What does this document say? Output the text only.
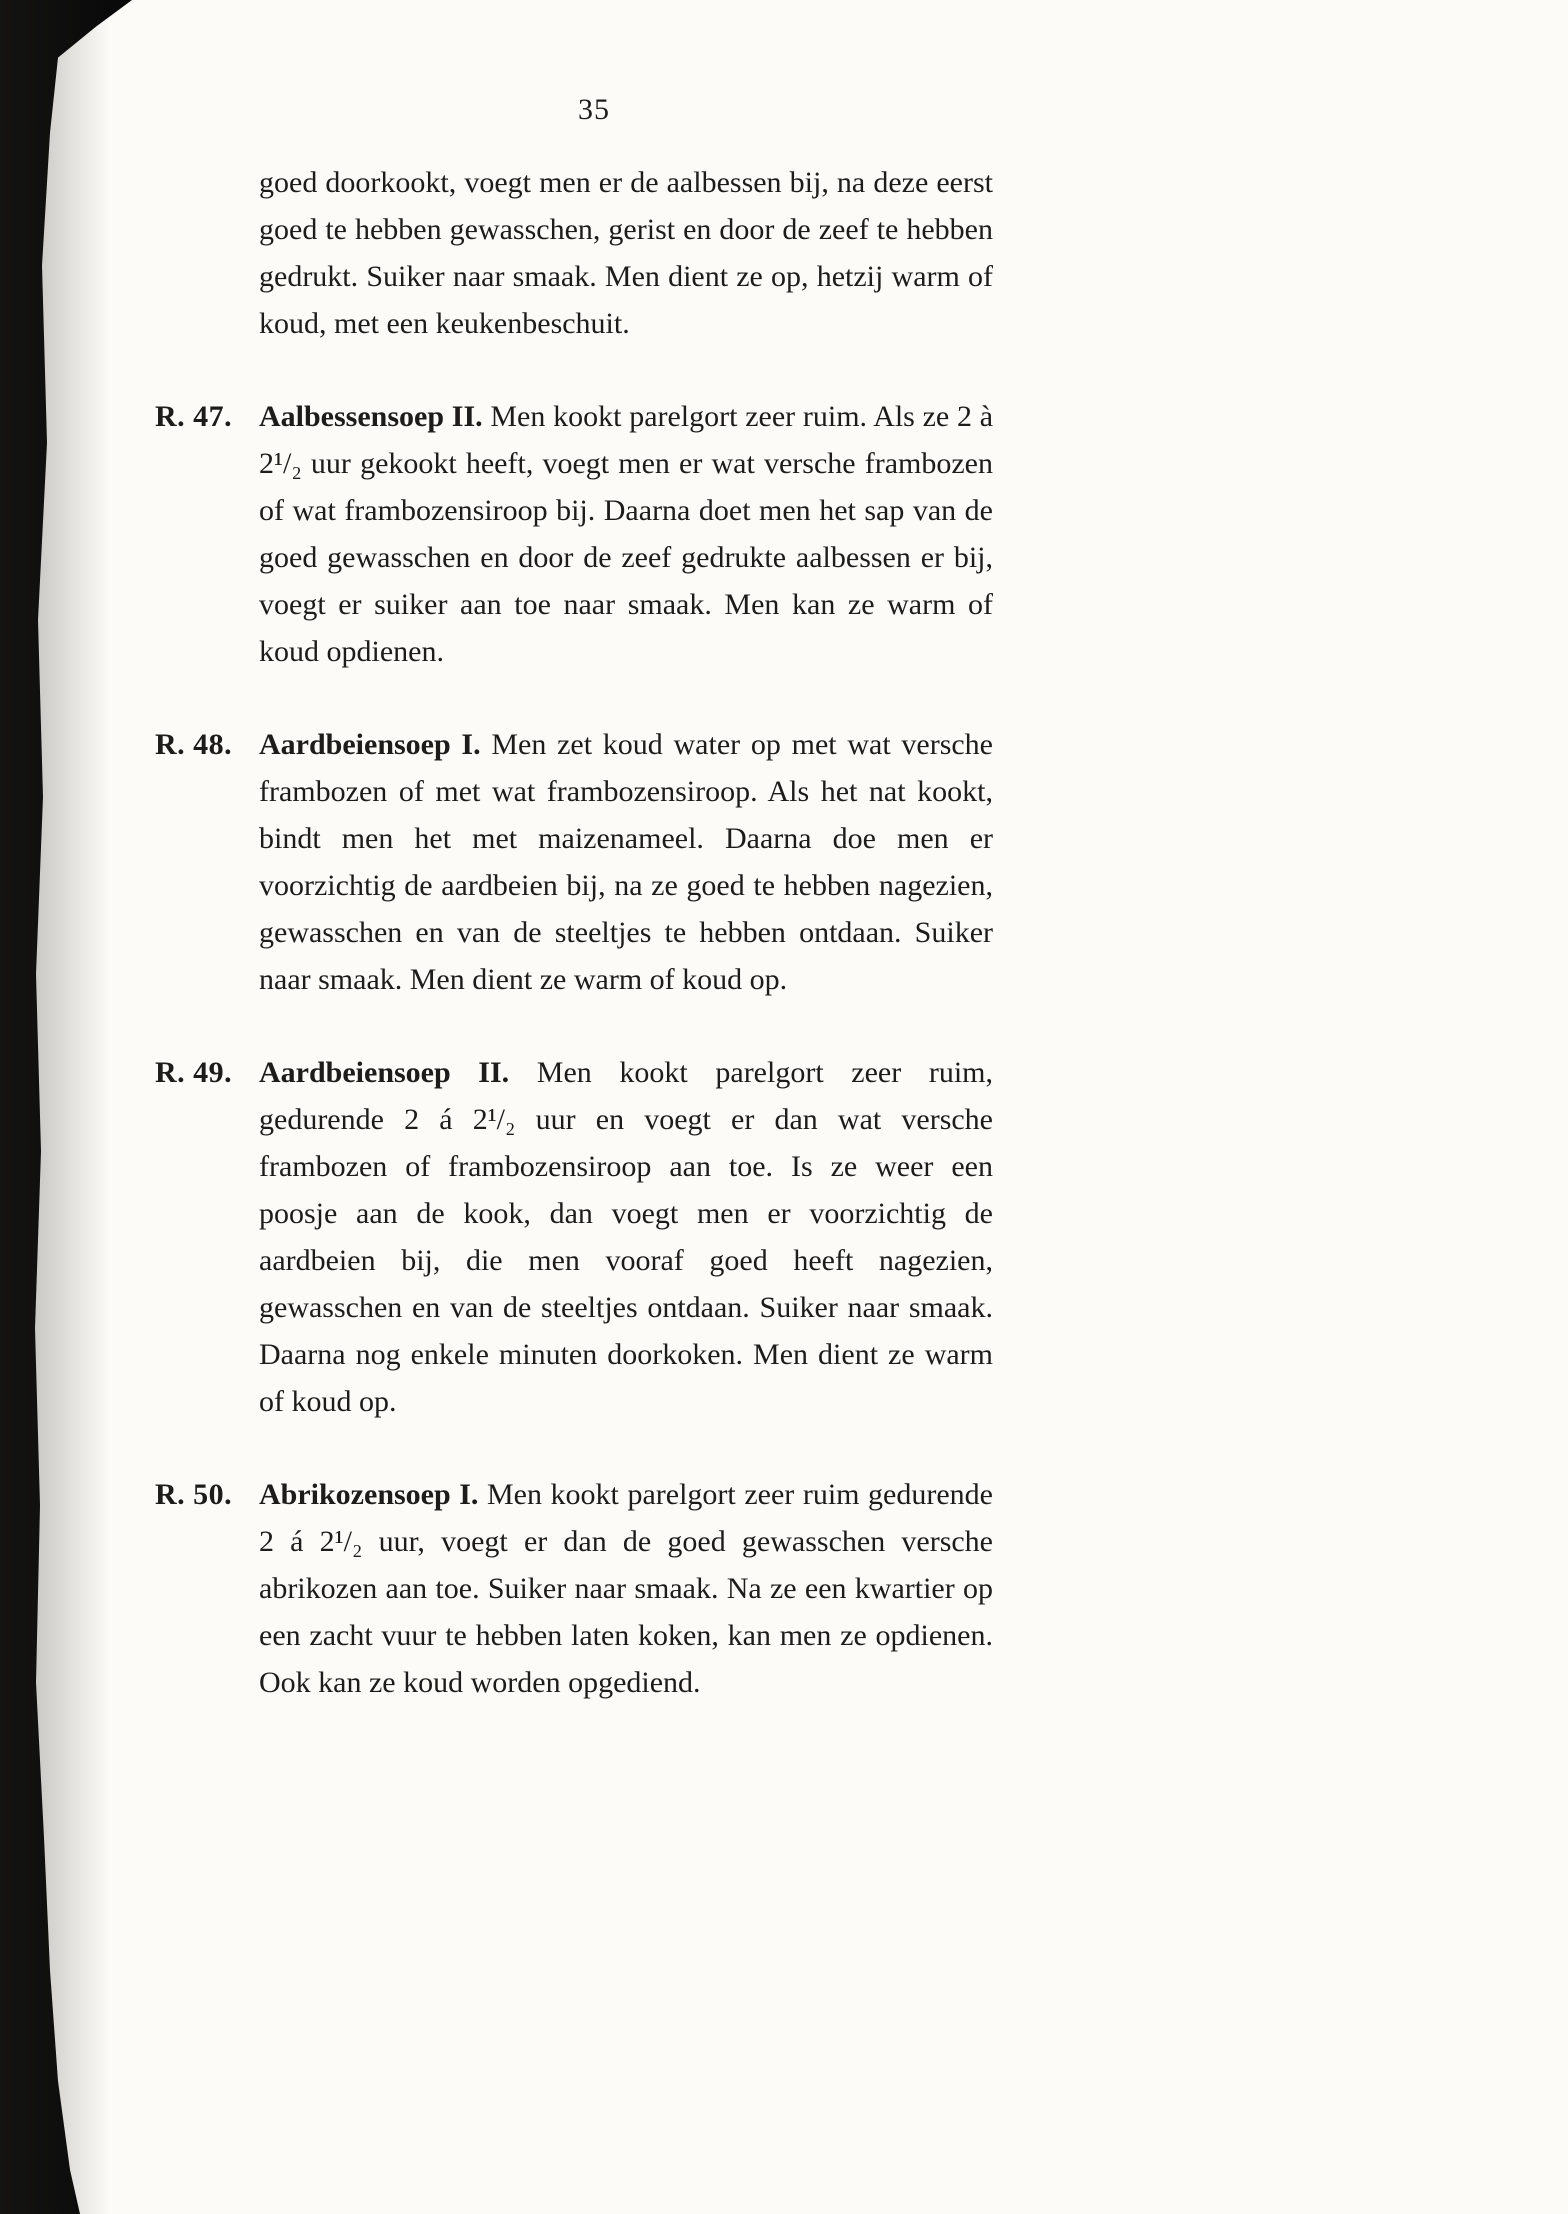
35

goed doorkookt, voegt men er de aalbessen bij, na deze eerst goed te hebben gewasschen, gerist en door de zeef te hebben gedrukt. Suiker naar smaak. Men dient ze op, hetzij warm of koud, met een keukenbeschuit.

R. 47. Aalbessensoep II. Men kookt parelgort zeer ruim. Als ze 2 à 2¹/₂ uur gekookt heeft, voegt men er wat versche frambozen of wat frambozensiroop bij. Daarna doet men het sap van de goed gewasschen en door de zeef gedrukte aalbessen er bij, voegt er suiker aan toe naar smaak. Men kan ze warm of koud opdienen.

R. 48. Aardbeiensoep I. Men zet koud water op met wat versche frambozen of met wat frambozensiroop. Als het nat kookt, bindt men het met maizenameel. Daarna doe men er voorzichtig de aardbeien bij, na ze goed te hebben nagezien, gewasschen en van de steeltjes te hebben ontdaan. Suiker naar smaak. Men dient ze warm of koud op.

R. 49. Aardbeiensoep II. Men kookt parelgort zeer ruim, gedurende 2 á 2¹/₂ uur en voegt er dan wat versche frambozen of frambozensiroop aan toe. Is ze weer een poosje aan de kook, dan voegt men er voorzichtig de aardbeien bij, die men vooraf goed heeft nagezien, gewasschen en van de steeltjes ontdaan. Suiker naar smaak. Daarna nog enkele minuten doorkoken. Men dient ze warm of koud op.

R. 50. Abrikozensoep I. Men kookt parelgort zeer ruim gedurende 2 á 2¹/₂ uur, voegt er dan de goed gewasschen versche abrikozen aan toe. Suiker naar smaak. Na ze een kwartier op een zacht vuur te hebben laten koken, kan men ze opdienen. Ook kan ze koud worden opgediend.
